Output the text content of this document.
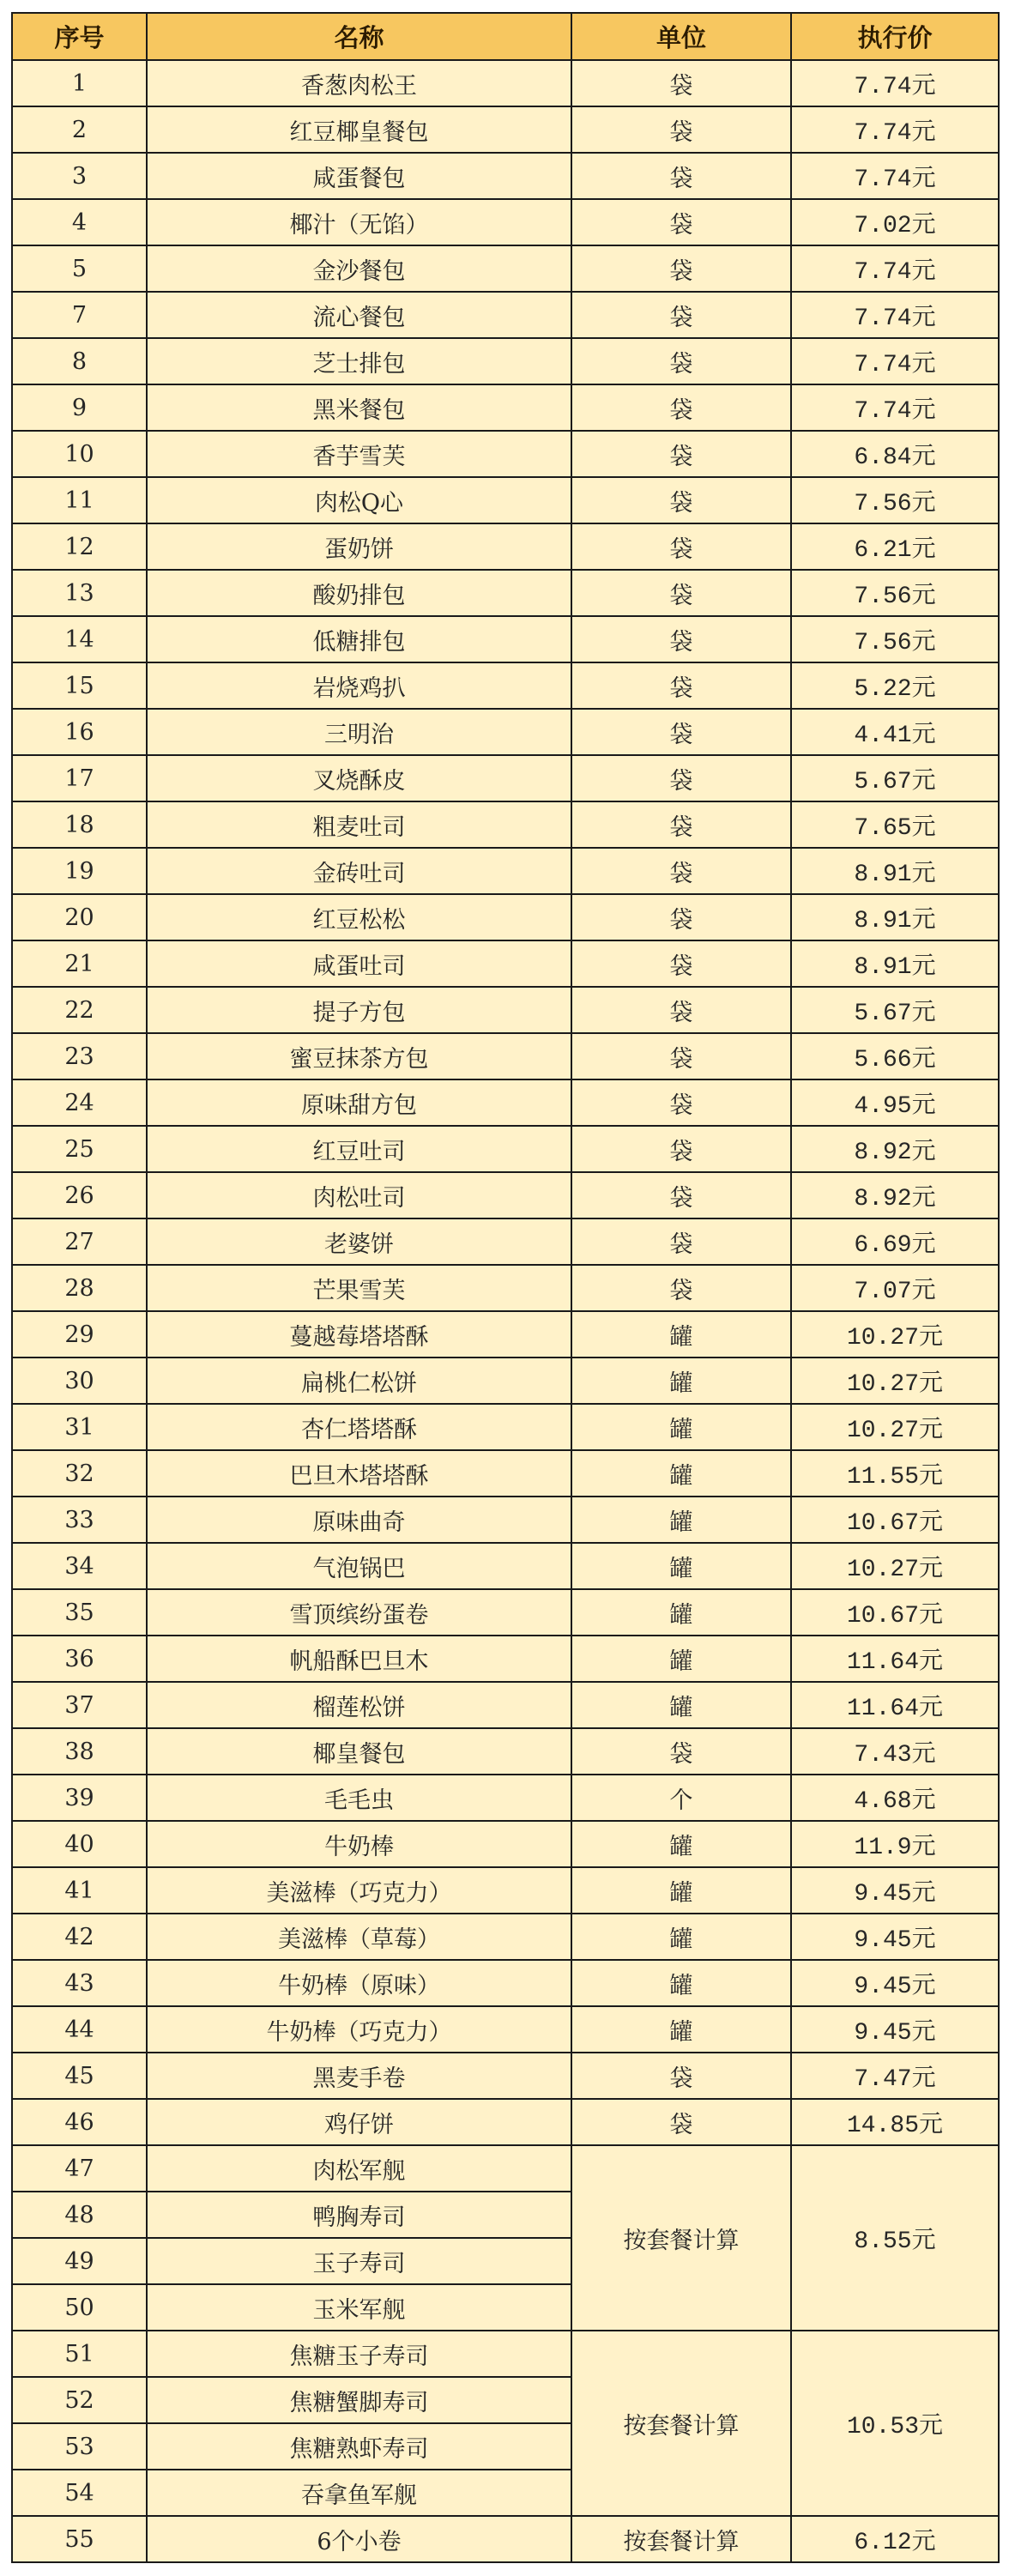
序号	名称	单位	执行价
1	香葱肉松王	袋	7.74元
2	红豆椰皇餐包	袋	7.74元
3	咸蛋餐包	袋	7.74元
4	椰汁（无馅）	袋	7.02元
5	金沙餐包	袋	7.74元
7	流心餐包	袋	7.74元
8	芝士排包	袋	7.74元
9	黑米餐包	袋	7.74元
10	香芋雪芙	袋	6.84元
11	肉松Q心	袋	7.56元
12	蛋奶饼	袋	6.21元
13	酸奶排包	袋	7.56元
14	低糖排包	袋	7.56元
15	岩烧鸡扒	袋	5.22元
16	三明治	袋	4.41元
17	叉烧酥皮	袋	5.67元
18	粗麦吐司	袋	7.65元
19	金砖吐司	袋	8.91元
20	红豆松松	袋	8.91元
21	咸蛋吐司	袋	8.91元
22	提子方包	袋	5.67元
23	蜜豆抹茶方包	袋	5.66元
24	原味甜方包	袋	4.95元
25	红豆吐司	袋	8.92元
26	肉松吐司	袋	8.92元
27	老婆饼	袋	6.69元
28	芒果雪芙	袋	7.07元
29	蔓越莓塔塔酥	罐	10.27元
30	扁桃仁松饼	罐	10.27元
31	杏仁塔塔酥	罐	10.27元
32	巴旦木塔塔酥	罐	11.55元
33	原味曲奇	罐	10.67元
34	气泡锅巴	罐	10.27元
35	雪顶缤纷蛋卷	罐	10.67元
36	帆船酥巴旦木	罐	11.64元
37	榴莲松饼	罐	11.64元
38	椰皇餐包	袋	7.43元
39	毛毛虫	个	4.68元
40	牛奶棒	罐	11.9元
41	美滋棒（巧克力）	罐	9.45元
42	美滋棒（草莓）	罐	9.45元
43	牛奶棒（原味）	罐	9.45元
44	牛奶棒（巧克力）	罐	9.45元
45	黑麦手卷	袋	7.47元
46	鸡仔饼	袋	14.85元
47	肉松军舰	按套餐计算	8.55元
48	鸭胸寿司		
49	玉子寿司		
50	玉米军舰		
51	焦糖玉子寿司	按套餐计算	10.53元
52	焦糖蟹脚寿司		
53	焦糖熟虾寿司		
54	吞拿鱼军舰		
55	6个小卷	按套餐计算	6.12元
